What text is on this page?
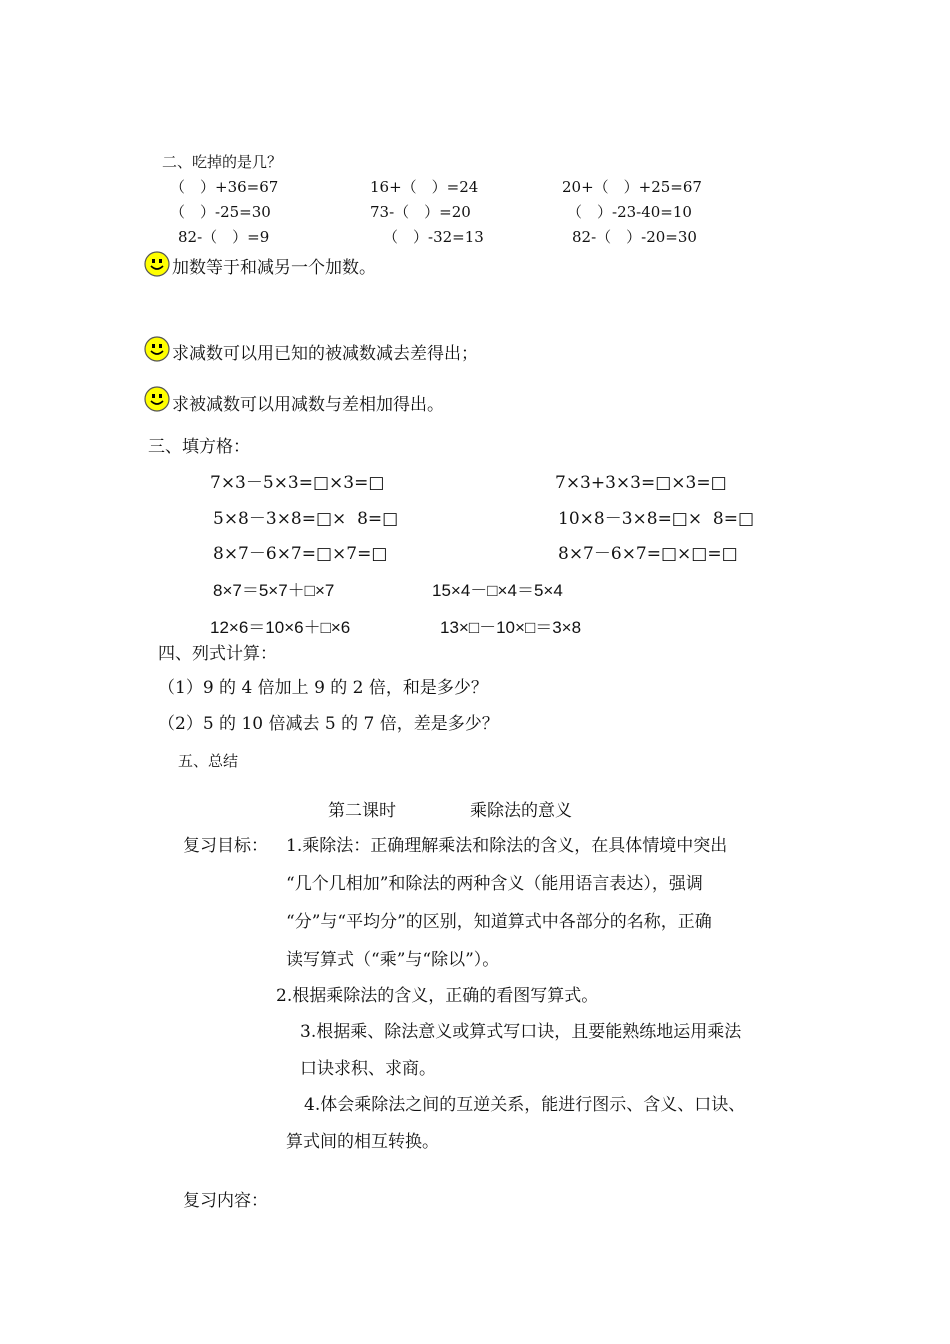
二、吃掉的是几？
（　）+36=67	16+（　）=24	20+（　）+25=67
（　）-25=30	73-（　）=20	（　）-23-40=10
82-（　）=9	（　）-32=13	82-（　）-20=30
加数等于和减另一个加数。
求减数可以用已知的被减数减去差得出；
求被减数可以用减数与差相加得出。
三、填方格：
7×3－5×3=□×3=□	7×3+3×3=□×3=□
5×8－3×8=□×  8=□	10×8－3×8=□×  8=□
8×7－6×7=□×7=□	8×7－6×7=□×□=□
8×7＝5×7＋□×7	15×4－□×4＝5×4
12×6＝10×6＋□×6	13×□－10×□＝3×8
四、列式计算：
（1）9 的 4 倍加上 9 的 2 倍，和是多少？
（2）5 的 10 倍减去 5 的 7 倍，差是多少？
五、总结
第二课时	乘除法的意义
复习目标： 1.乘除法：正确理解乘法和除法的含义，在具体情境中突出
“几个几相加”和除法的两种含义（能用语言表达），强调
“分”与“平均分”的区别，知道算式中各部分的名称，正确
读写算式（“乘”与“除以”）。
2.根据乘除法的含义，正确的看图写算式。
3.根据乘、除法意义或算式写口诀，且要能熟练地运用乘法
口诀求积、求商。
4.体会乘除法之间的互逆关系，能进行图示、含义、口诀、
算式间的相互转换。
复习内容：
